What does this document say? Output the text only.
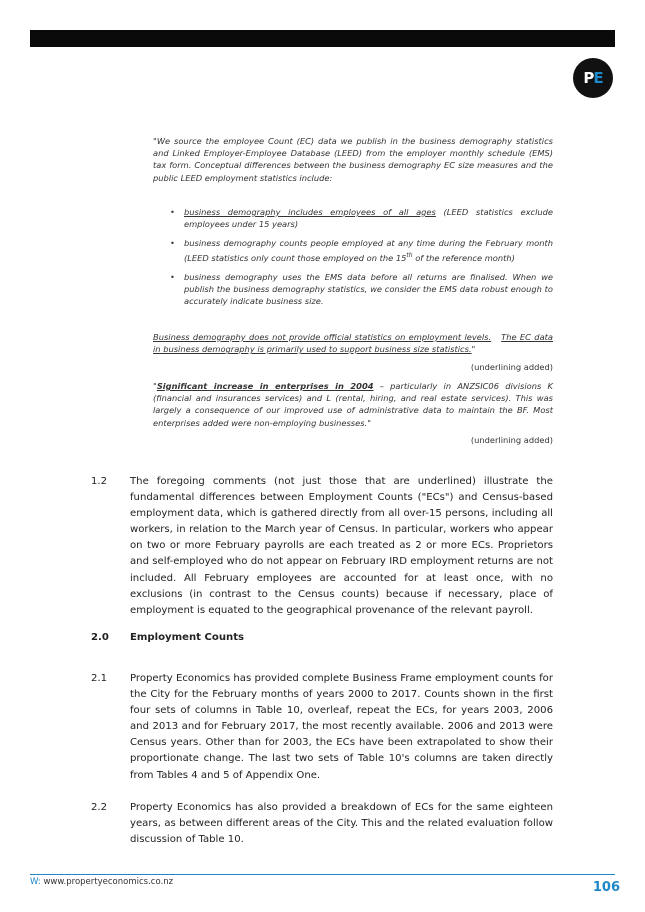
PE
"We source the employee Count (EC) data we publish in the business demography statistics and Linked Employer-Employee Database (LEED) from the employer monthly schedule (EMS) tax form. Conceptual differences between the business demography EC size measures and the public LEED employment statistics include:
• business demography includes employees of all ages (LEED statistics exclude employees under 15 years)
• business demography counts people employed at any time during the February month (LEED statistics only count those employed on the 15th of the reference month)
• business demography uses the EMS data before all returns are finalised. When we publish the business demography statistics, we consider the EMS data robust enough to accurately indicate business size.
Business demography does not provide official statistics on employment levels. The EC data in business demography is primarily used to support business size statistics."
(underlining added)
"Significant increase in enterprises in 2004 – particularly in ANZSIC06 divisions K (financial and insurances services) and L (rental, hiring, and real estate services). This was largely a consequence of our improved use of administrative data to maintain the BF. Most enterprises added were non-employing businesses."
(underlining added)
1.2 The foregoing comments (not just those that are underlined) illustrate the fundamental differences between Employment Counts ("ECs") and Census-based employment data, which is gathered directly from all over-15 persons, including all workers, in relation to the March year of Census. In particular, workers who appear on two or more February payrolls are each treated as 2 or more ECs. Proprietors and self-employed who do not appear on February IRD employment returns are not included. All February employees are accounted for at least once, with no exclusions (in contrast to the Census counts) because if necessary, place of employment is equated to the geographical provenance of the relevant payroll.
2.0 Employment Counts
2.1 Property Economics has provided complete Business Frame employment counts for the City for the February months of years 2000 to 2017. Counts shown in the first four sets of columns in Table 10, overleaf, repeat the ECs, for years 2003, 2006 and 2013 and for February 2017, the most recently available. 2006 and 2013 were Census years. Other than for 2003, the ECs have been extrapolated to show their proportionate change. The last two sets of Table 10's columns are taken directly from Tables 4 and 5 of Appendix One.
2.2 Property Economics has also provided a breakdown of ECs for the same eighteen years, as between different areas of the City. This and the related evaluation follow discussion of Table 10.
W: www.propertyeconomics.co.nz	106
